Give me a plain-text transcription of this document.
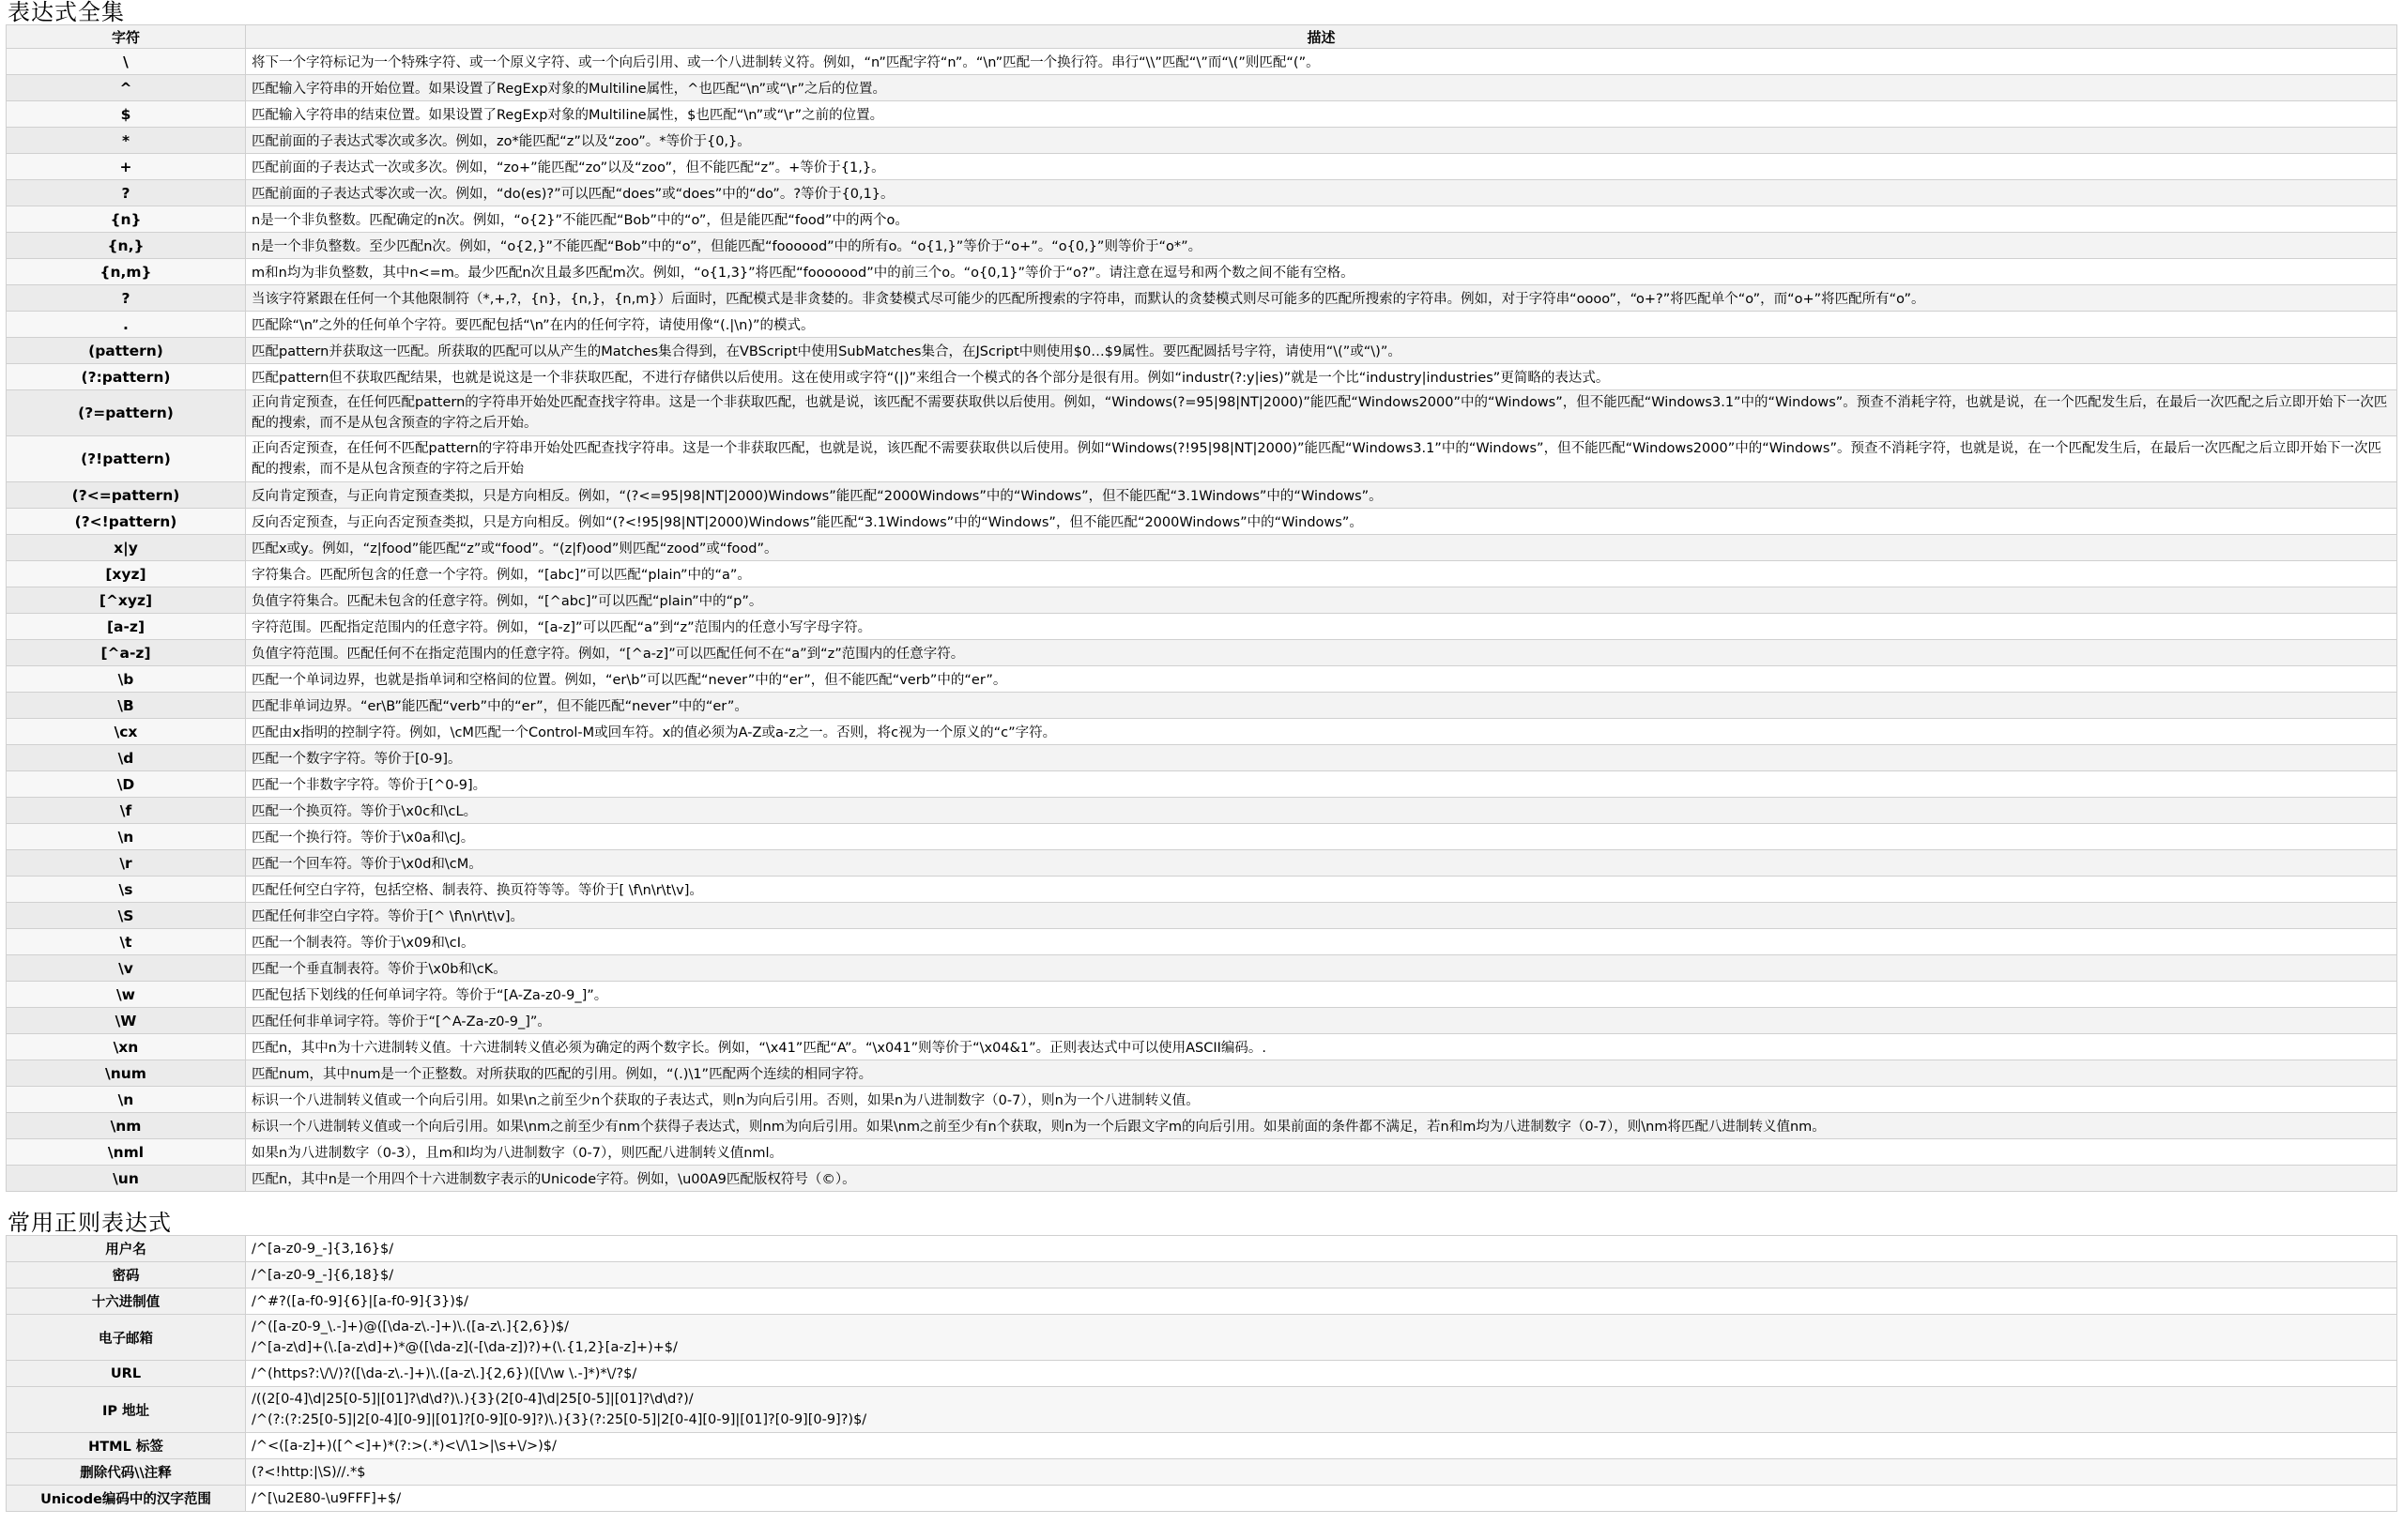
表达式全集
字符	描述
\	将下一个字符标记为一个特殊字符、或一个原义字符、或一个向后引用、或一个八进制转义符。例如，“n”匹配字符“n”。“\n”匹配一个换行符。串行“\\”匹配“\”而“\(”则匹配“(”。
^	匹配输入字符串的开始位置。如果设置了RegExp对象的Multiline属性，^也匹配“\n”或“\r”之后的位置。
$	匹配输入字符串的结束位置。如果设置了RegExp对象的Multiline属性，$也匹配“\n”或“\r”之前的位置。
*	匹配前面的子表达式零次或多次。例如，zo*能匹配“z”以及“zoo”。*等价于{0,}。
+	匹配前面的子表达式一次或多次。例如，“zo+”能匹配“zo”以及“zoo”，但不能匹配“z”。+等价于{1,}。
?	匹配前面的子表达式零次或一次。例如，“do(es)?”可以匹配“does”或“does”中的“do”。?等价于{0,1}。
{n}	n是一个非负整数。匹配确定的n次。例如，“o{2}”不能匹配“Bob”中的“o”，但是能匹配“food”中的两个o。
{n,}	n是一个非负整数。至少匹配n次。例如，“o{2,}”不能匹配“Bob”中的“o”，但能匹配“foooood”中的所有o。“o{1,}”等价于“o+”。“o{0,}”则等价于“o*”。
{n,m}	m和n均为非负整数，其中n<=m。最少匹配n次且最多匹配m次。例如，“o{1,3}”将匹配“fooooood”中的前三个o。“o{0,1}”等价于“o?”。请注意在逗号和两个数之间不能有空格。
?	当该字符紧跟在任何一个其他限制符（*,+,?，{n}，{n,}，{n,m}）后面时，匹配模式是非贪婪的。非贪婪模式尽可能少的匹配所搜索的字符串，而默认的贪婪模式则尽可能多的匹配所搜索的字符串。例如，对于字符串“oooo”，“o+?”将匹配单个“o”，而“o+”将匹配所有“o”。
.	匹配除“\n”之外的任何单个字符。要匹配包括“\n”在内的任何字符，请使用像“(.|\n)”的模式。
(pattern)	匹配pattern并获取这一匹配。所获取的匹配可以从产生的Matches集合得到，在VBScript中使用SubMatches集合，在JScript中则使用$0…$9属性。要匹配圆括号字符，请使用“\(”或“\)”。
(?:pattern)	匹配pattern但不获取匹配结果，也就是说这是一个非获取匹配，不进行存储供以后使用。这在使用或字符“(|)”来组合一个模式的各个部分是很有用。例如“industr(?:y|ies)”就是一个比“industry|industries”更简略的表达式。
(?=pattern)	正向肯定预查，在任何匹配pattern的字符串开始处匹配查找字符串。这是一个非获取匹配，也就是说，该匹配不需要获取供以后使用。例如，“Windows(?=95|98|NT|2000)”能匹配“Windows2000”中的“Windows”，但不能匹配“Windows3.1”中的“Windows”。预查不消耗字符，也就是说，在一个匹配发生后，在最后一次匹配之后立即开始下一次匹配的搜索，而不是从包含预查的字符之后开始。
(?!pattern)	正向否定预查，在任何不匹配pattern的字符串开始处匹配查找字符串。这是一个非获取匹配，也就是说，该匹配不需要获取供以后使用。例如“Windows(?!95|98|NT|2000)”能匹配“Windows3.1”中的“Windows”，但不能匹配“Windows2000”中的“Windows”。预查不消耗字符，也就是说，在一个匹配发生后，在最后一次匹配之后立即开始下一次匹配的搜索，而不是从包含预查的字符之后开始
(?<=pattern)	反向肯定预查，与正向肯定预查类拟，只是方向相反。例如，“(?<=95|98|NT|2000)Windows”能匹配“2000Windows”中的“Windows”，但不能匹配“3.1Windows”中的“Windows”。
(?<!pattern)	反向否定预查，与正向否定预查类拟，只是方向相反。例如“(?<!95|98|NT|2000)Windows”能匹配“3.1Windows”中的“Windows”，但不能匹配“2000Windows”中的“Windows”。
x|y	匹配x或y。例如，“z|food”能匹配“z”或“food”。“(z|f)ood”则匹配“zood”或“food”。
[xyz]	字符集合。匹配所包含的任意一个字符。例如，“[abc]”可以匹配“plain”中的“a”。
[^xyz]	负值字符集合。匹配未包含的任意字符。例如，“[^abc]”可以匹配“plain”中的“p”。
[a-z]	字符范围。匹配指定范围内的任意字符。例如，“[a-z]”可以匹配“a”到“z”范围内的任意小写字母字符。
[^a-z]	负值字符范围。匹配任何不在指定范围内的任意字符。例如，“[^a-z]”可以匹配任何不在“a”到“z”范围内的任意字符。
\b	匹配一个单词边界，也就是指单词和空格间的位置。例如，“er\b”可以匹配“never”中的“er”，但不能匹配“verb”中的“er”。
\B	匹配非单词边界。“er\B”能匹配“verb”中的“er”，但不能匹配“never”中的“er”。
\cx	匹配由x指明的控制字符。例如，\cM匹配一个Control-M或回车符。x的值必须为A-Z或a-z之一。否则，将c视为一个原义的“c”字符。
\d	匹配一个数字字符。等价于[0-9]。
\D	匹配一个非数字字符。等价于[^0-9]。
\f	匹配一个换页符。等价于\x0c和\cL。
\n	匹配一个换行符。等价于\x0a和\cJ。
\r	匹配一个回车符。等价于\x0d和\cM。
\s	匹配任何空白字符，包括空格、制表符、换页符等等。等价于[ \f\n\r\t\v]。
\S	匹配任何非空白字符。等价于[^ \f\n\r\t\v]。
\t	匹配一个制表符。等价于\x09和\cI。
\v	匹配一个垂直制表符。等价于\x0b和\cK。
\w	匹配包括下划线的任何单词字符。等价于“[A-Za-z0-9_]”。
\W	匹配任何非单词字符。等价于“[^A-Za-z0-9_]”。
\xn	匹配n，其中n为十六进制转义值。十六进制转义值必须为确定的两个数字长。例如，“\x41”匹配“A”。“\x041”则等价于“\x04&1”。正则表达式中可以使用ASCII编码。.
\num	匹配num，其中num是一个正整数。对所获取的匹配的引用。例如，“(.)\1”匹配两个连续的相同字符。
\n	标识一个八进制转义值或一个向后引用。如果\n之前至少n个获取的子表达式，则n为向后引用。否则，如果n为八进制数字（0-7），则n为一个八进制转义值。
\nm	标识一个八进制转义值或一个向后引用。如果\nm之前至少有nm个获得子表达式，则nm为向后引用。如果\nm之前至少有n个获取，则n为一个后跟文字m的向后引用。如果前面的条件都不满足，若n和m均为八进制数字（0-7），则\nm将匹配八进制转义值nm。
\nml	如果n为八进制数字（0-3），且m和l均为八进制数字（0-7），则匹配八进制转义值nml。
\un	匹配n，其中n是一个用四个十六进制数字表示的Unicode字符。例如，\u00A9匹配版权符号（©）。
常用正则表达式
用户名	/^[a-z0-9_-]{3,16}$/
密码	/^[a-z0-9_-]{6,18}$/
十六进制值	/^#?([a-f0-9]{6}|[a-f0-9]{3})$/
电子邮箱	/^([a-z0-9_\.-]+)@([\da-z\.-]+)\.([a-z\.]{2,6})$/
/^[a-z\d]+(\.[a-z\d]+)*@([\da-z](-[\da-z])?)+(\.{1,2}[a-z]+)+$/
URL	/^(https?:\/\/)?([\da-z\.-]+)\.([a-z\.]{2,6})([\/\w \.-]*)*\/?$/
IP 地址	/((2[0-4]\d|25[0-5]|[01]?\d\d?)\.){3}(2[0-4]\d|25[0-5]|[01]?\d\d?)/
/^(?:(?:25[0-5]|2[0-4][0-9]|[01]?[0-9][0-9]?)\.){3}(?:25[0-5]|2[0-4][0-9]|[01]?[0-9][0-9]?)$/
HTML 标签	/^<([a-z]+)([^<]+)*(?:>(.*)<\/\1>|\s+\/>)$/
删除代码\\注释	(?<!http:|\S)//.*$
Unicode编码中的汉字范围	/^[\u2E80-\u9FFF]+$/
